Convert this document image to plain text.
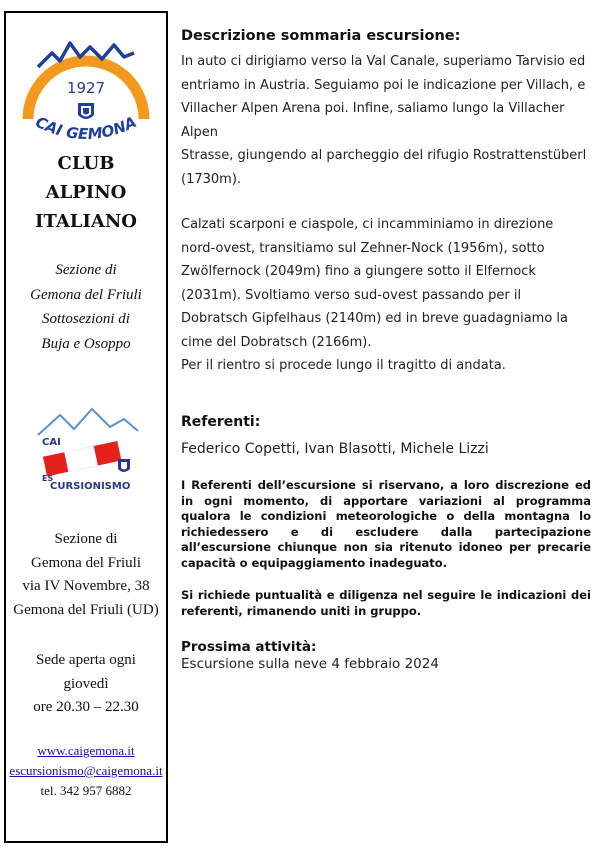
1927
CAI GEMONA
CLUB
ALPINO
ITALIANO
Sezione di
Gemona del Friuli
Sottosezioni di
Buja e Osoppo
CAI
ES
CURSIONISMO
Sezione di
Gemona del Friuli
via IV Novembre, 38
Gemona del Friuli (UD)
Sede aperta ogni
giovedì
ore 20.30 – 22.30
www.caigemona.it
escursionismo@caigemona.it
tel. 342 957 6882
Descrizione sommaria escursione:
In auto ci dirigiamo verso la Val Canale, superiamo Tarvisio ed
entriamo in Austria. Seguiamo poi le indicazione per Villach, e
Villacher Alpen Arena poi. Infine, saliamo lungo la Villacher Alpen
Strasse, giungendo al parcheggio del rifugio Rostrattenstüberl
(1730m).
Calzati scarponi e ciaspole, ci incamminiamo in direzione
nord-ovest, transitiamo sul Zehner-Nock (1956m), sotto
Zwölfernock (2049m) fino a giungere sotto il Elfernock
(2031m). Svoltiamo verso sud-ovest passando per il
Dobratsch Gipfelhaus (2140m) ed in breve guadagniamo la
cime del Dobratsch (2166m).
Per il rientro si procede lungo il tragitto di andata.
Referenti:
Federico Copetti, Ivan Blasotti, Michele Lizzi

I Referenti dell’escursione si riservano, a loro discrezione ed in ogni momento, di apportare variazioni al programma qualora le condizioni meteorologiche o della montagna lo richiedessero e di escludere dalla partecipazione all’escursione chiunque non sia ritenuto idoneo per precarie capacità o equipaggiamento inadeguato.

Si richiede puntualità e diligenza nel seguire le indicazioni dei referenti, rimanendo uniti in gruppo.

Prossima attività:
Escursione sulla neve 4 febbraio 2024
